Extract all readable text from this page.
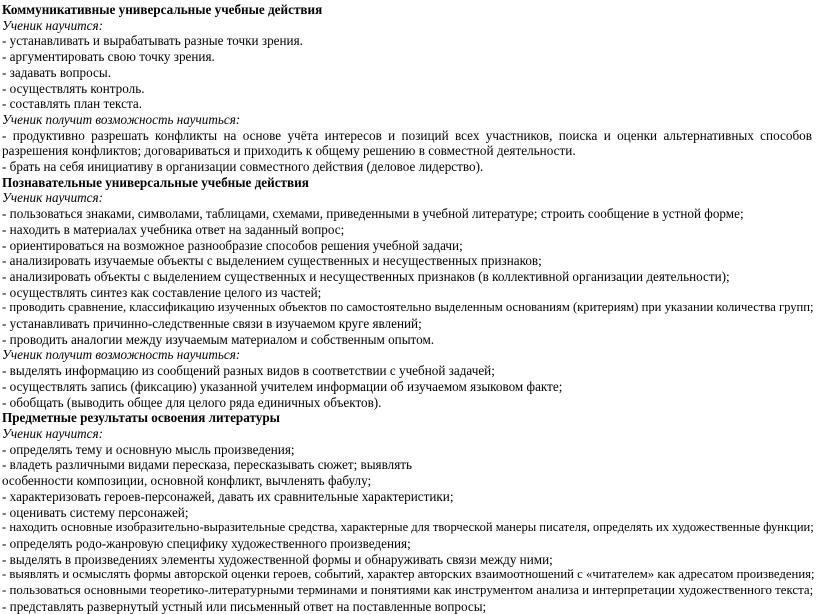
Коммуникативные универсальные учебные действия
Ученик научится:
- устанавливать и вырабатывать разные точки зрения.
- аргументировать свою точку зрения.
- задавать вопросы.
- осуществлять контроль.
- составлять план текста.
Ученик получит возможность научиться:
- продуктивно разрешать конфликты на основе учёта интересов и позиций всех участников, поиска и оценки альтернативных способов разрешения конфликтов; договариваться и приходить к общему решению в совместной деятельности.
- брать на себя инициативу в организации совместного действия (деловое лидерство).
Познавательные универсальные учебные действия
Ученик научится:
- пользоваться знаками, символами, таблицами, схемами, приведенными в учебной литературе; строить сообщение в устной форме;
- находить в материалах учебника ответ на заданный вопрос;
- ориентироваться на возможное разнообразие способов решения учебной задачи;
- анализировать изучаемые объекты с выделением существенных и несущественных признаков;
- анализировать объекты с выделением существенных и несущественных признаков (в коллективной организации деятельности);
- осуществлять синтез как составление целого из частей;
- проводить сравнение, классификацию изученных объектов по самостоятельно выделенным основаниям (критериям) при указании количества групп;
- устанавливать причинно-следственные связи в изучаемом круге явлений;
- проводить аналогии между изучаемым материалом и собственным опытом.
Ученик получит возможность научиться:
- выделять информацию из сообщений разных видов в соответствии с учебной задачей;
- осуществлять запись (фиксацию) указанной учителем информации об изучаемом языковом факте;
- обобщать (выводить общее для целого ряда единичных объектов).
Предметные результаты освоения литературы
Ученик научится:
- определять тему и основную мысль произведения;
- владеть различными видами пересказа, пересказывать сюжет; выявлять
особенности композиции, основной конфликт, вычленять фабулу;
- характеризовать героев-персонажей, давать их сравнительные характеристики;
- оценивать систему персонажей;
- находить основные изобразительно-выразительные средства, характерные для творческой манеры писателя, определять их художественные функции;
- определять родо-жанровую специфику художественного произведения;
- выделять в произведениях элементы художественной формы и обнаруживать связи между ними;
- выявлять и осмыслять формы авторской оценки героев, событий, характер авторских взаимоотношений с «читателем» как адресатом произведения;
- пользоваться основными теоретико-литературными терминами и понятиями как инструментом анализа и интерпретации художественного текста;
- представлять развернутый устный или письменный ответ на поставленные вопросы;
